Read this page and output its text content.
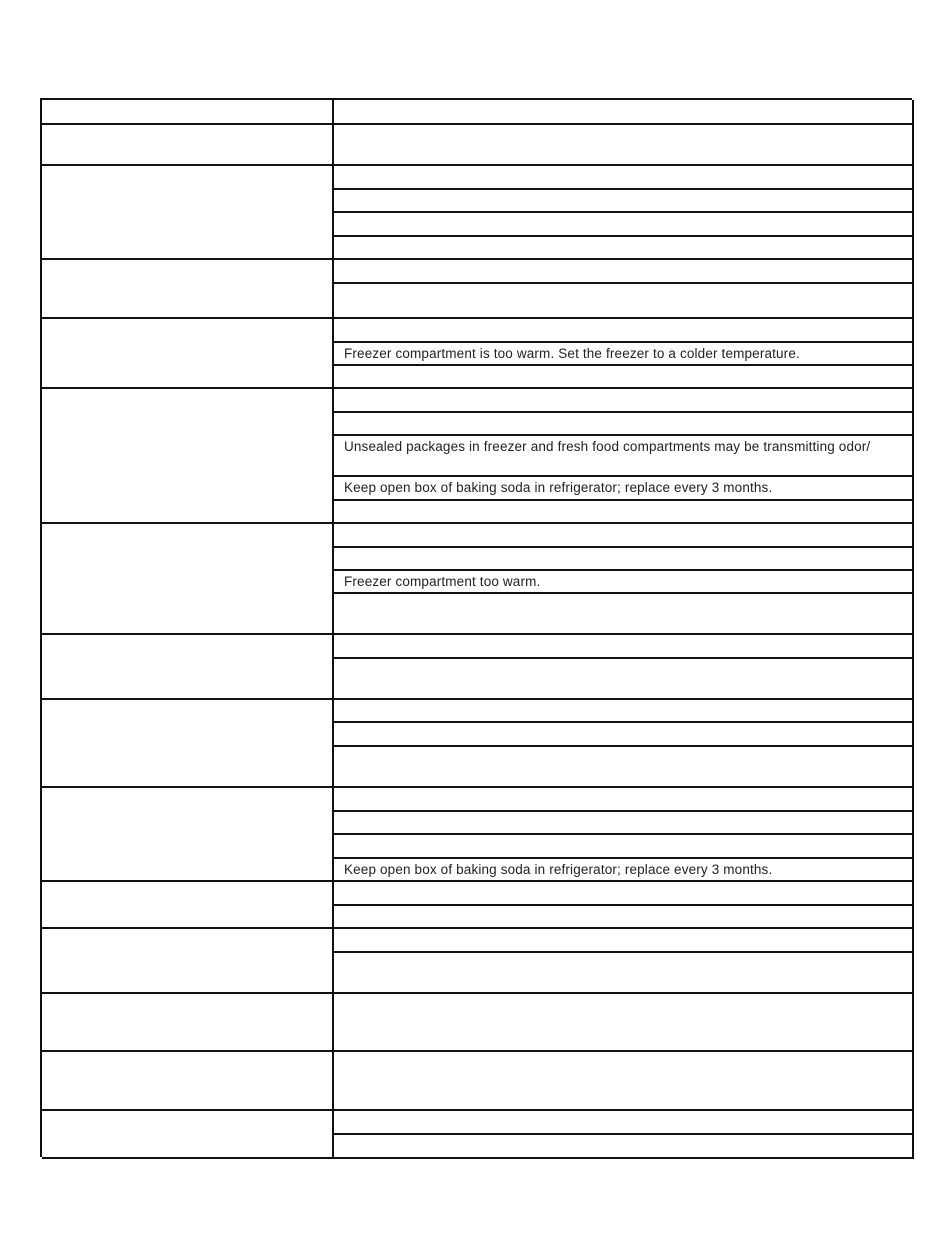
Freezer compartment is too warm. Set the freezer to a colder temperature.
Unsealed packages in freezer and fresh food compartments may be transmitting odor/
Keep open box of baking soda in refrigerator; replace every 3 months.
Freezer compartment too warm.
Keep open box of baking soda in refrigerator; replace every 3 months.
